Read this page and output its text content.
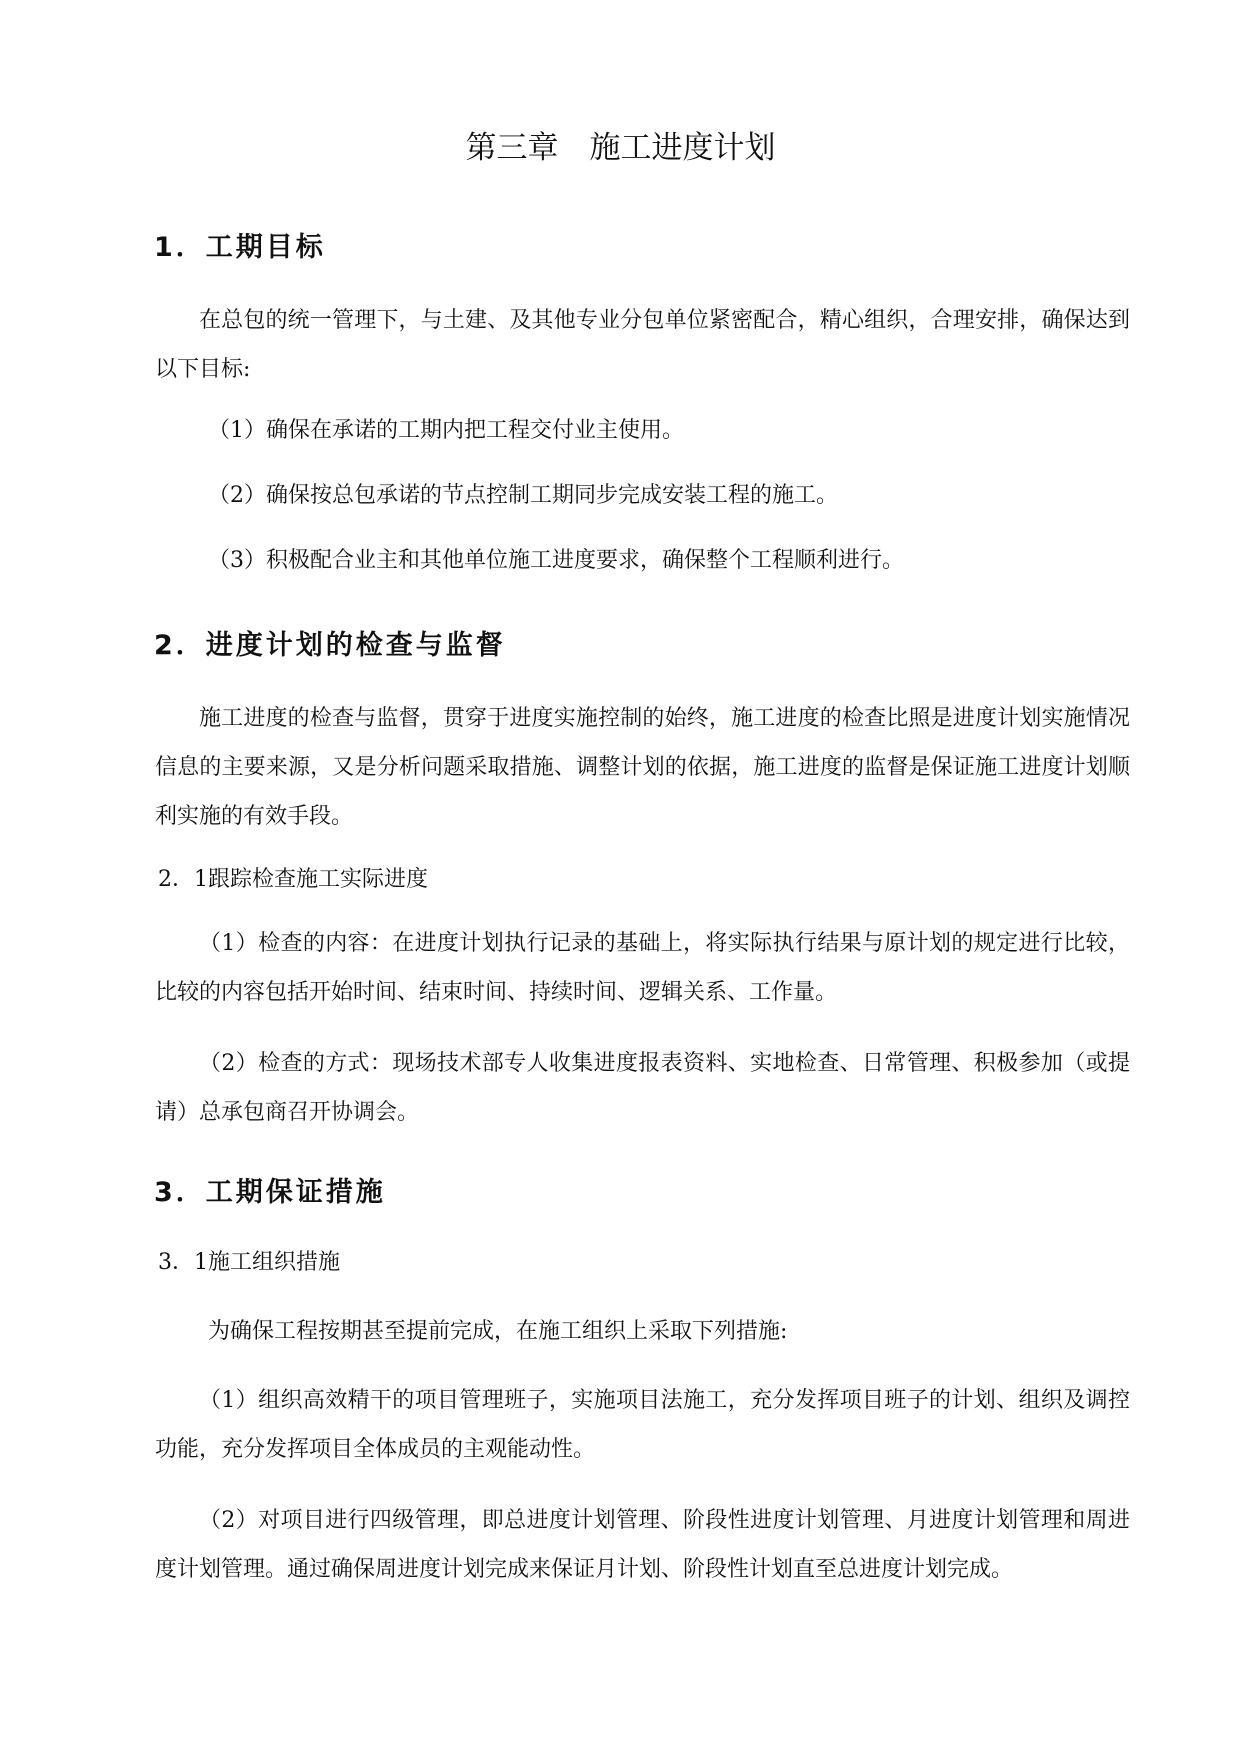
第三章　施工进度计划
1．工期目标

在总包的统一管理下，与土建、及其他专业分包单位紧密配合，精心组织，合理安排，确保达到以下目标:

（1）确保在承诺的工期内把工程交付业主使用。
（2）确保按总包承诺的节点控制工期同步完成安装工程的施工。
（3）积极配合业主和其他单位施工进度要求，确保整个工程顺利进行。
2．进度计划的检查与监督

施工进度的检查与监督，贯穿于进度实施控制的始终，施工进度的检查比照是进度计划实施情况信息的主要来源，又是分析问题采取措施、调整计划的依据，施工进度的监督是保证施工进度计划顺利实施的有效手段。

2．1跟踪检查施工实际进度

（1）检查的内容：在进度计划执行记录的基础上，将实际执行结果与原计划的规定进行比较，比较的内容包括开始时间、结束时间、持续时间、逻辑关系、工作量。

（2）检查的方式：现场技术部专人收集进度报表资料、实地检查、日常管理、积极参加（或提请）总承包商召开协调会。

3．工期保证措施
3．1施工组织措施
为确保工程按期甚至提前完成，在施工组织上采取下列措施:

（1）组织高效精干的项目管理班子，实施项目法施工，充分发挥项目班子的计划、组织及调控功能，充分发挥项目全体成员的主观能动性。

（2）对项目进行四级管理，即总进度计划管理、阶段性进度计划管理、月进度计划管理和周进度计划管理。通过确保周进度计划完成来保证月计划、阶段性计划直至总进度计划完成。
